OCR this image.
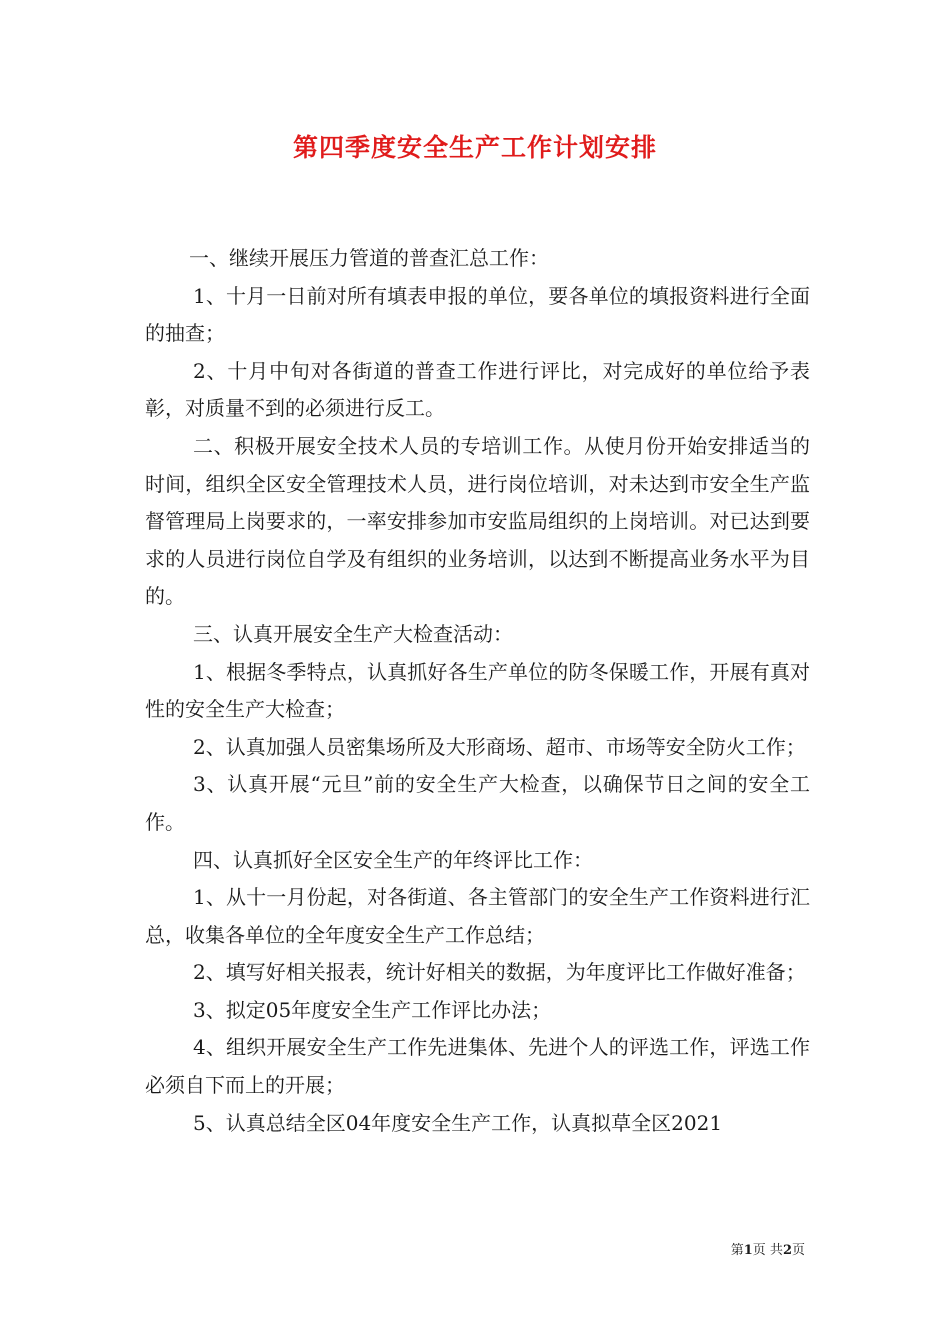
第四季度安全生产工作计划安排

一、继续开展压力管道的普查汇总工作：

1、十月一日前对所有填表申报的单位，要各单位的填报资料进行全面的抽查；

2、十月中旬对各街道的普查工作进行评比，对完成好的单位给予表彰，对质量不到的必须进行反工。

二、积极开展安全技术人员的专培训工作。从使月份开始安排适当的时间，组织全区安全管理技术人员，进行岗位培训，对未达到市安全生产监督管理局上岗要求的，一率安排参加市安监局组织的上岗培训。对已达到要求的人员进行岗位自学及有组织的业务培训，以达到不断提高业务水平为目的。

三、认真开展安全生产大检查活动：

1、根据冬季特点，认真抓好各生产单位的防冬保暖工作，开展有真对性的安全生产大检查；

2、认真加强人员密集场所及大形商场、超市、市场等安全防火工作；

3、认真开展“元旦”前的安全生产大检查，以确保节日之间的安全工作。

四、认真抓好全区安全生产的年终评比工作：

1、从十一月份起，对各街道、各主管部门的安全生产工作资料进行汇总，收集各单位的全年度安全生产工作总结；

2、填写好相关报表，统计好相关的数据，为年度评比工作做好准备；

3、拟定05年度安全生产工作评比办法；

4、组织开展安全生产工作先进集体、先进个人的评选工作，评选工作必须自下而上的开展；

5、认真总结全区04年度安全生产工作，认真拟草全区2021

第1页 共2页
